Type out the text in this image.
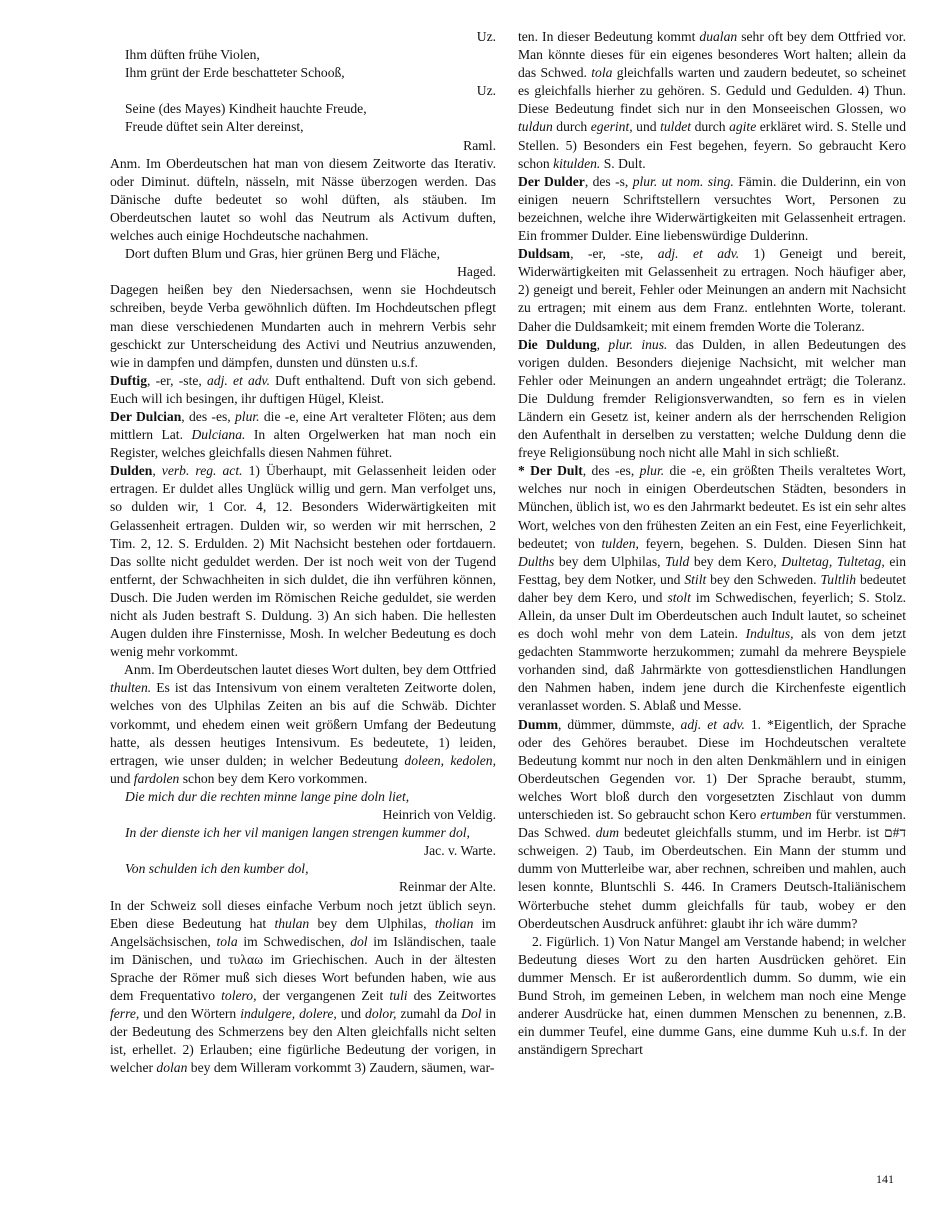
Uz.

Ihm düften frühe Violen,

Ihm grünt der Erde beschatteter Schooß,

Uz.

Seine (des Mayes) Kindheit hauchte Freude,

Freude düftet sein Alter dereinst,

Raml.

Anm. Im Oberdeutschen hat man von diesem Zeitworte das Iterativ. oder Diminut. düfteln, nässeln, mit Nässe überzogen werden. Das Dänische dufte bedeutet so wohl düften, als stäuben. Im Oberdeutschen lautet so wohl das Neutrum als Activum duften, welches auch einige Hochdeutsche nachahmen.

Dort duften Blum und Gras, hier grünen Berg und Fläche,

Haged.

Dagegen heißen bey den Niedersachsen, wenn sie Hochdeutsch schreiben, beyde Verba gewöhnlich düften. Im Hochdeutschen pflegt man diese verschiedenen Mundarten auch in mehrern Verbis sehr geschickt zur Unterscheidung des Activi und Neutrius anzuwenden, wie in dampfen und dämpfen, dunsten und dünsten u.s.f.

Duftig, -er, -ste, adj. et adv. Duft enthaltend. Duft von sich gebend. Euch will ich besingen, ihr duftigen Hügel, Kleist.

Der Dulcian, des -es, plur. die -e, eine Art veralteter Flöten; aus dem mittlern Lat. Dulciana. In alten Orgelwerken hat man noch ein Register, welches gleichfalls diesen Nahmen führet.

Dulden, verb. reg. act. 1) Überhaupt, mit Gelassenheit leiden oder ertragen. Er duldet alles Unglück willig und gern. Man verfolget uns, so dulden wir, 1 Cor. 4, 12. Besonders Widerwärtigkeiten mit Gelassenheit ertragen. Dulden wir, so werden wir mit herrschen, 2 Tim. 2, 12. S. Erdulden. 2) Mit Nachsicht bestehen oder fortdauern. Das sollte nicht geduldet werden. Der ist noch weit von der Tugend entfernt, der Schwachheiten in sich duldet, die ihn verführen können, Dusch. Die Juden werden im Römischen Reiche geduldet, sie werden nicht als Juden bestraft S. Duldung. 3) An sich haben. Die hellesten Augen dulden ihre Finsternisse, Mosh. In welcher Bedeutung es doch wenig mehr vorkommt.

Anm. Im Oberdeutschen lautet dieses Wort dulten, bey dem Ottfried thulten. Es ist das Intensivum von einem veralteten Zeitworte dolen, welches von des Ulphilas Zeiten an bis auf die Schwäb. Dichter vorkommt, und ehedem einen weit größern Umfang der Bedeutung hatte, als dessen heutiges Intensivum. Es bedeutete, 1) leiden, ertragen, wie unser dulden; in welcher Bedeutung doleen, kedolen, und fardolen schon bey dem Kero vorkommen.

Die mich dur die rechten minne lange pine doln liet,

Heinrich von Veldig.

In der dienste ich her vil manigen langen strengen kummer dol,

Jac. v. Warte.

Von schulden ich den kumber dol,

Reinmar der Alte.

In der Schweiz soll dieses einfache Verbum noch jetzt üblich seyn. Eben diese Bedeutung hat thulan bey dem Ulphilas, tholian im Angelsächsischen, tola im Schwedischen, dol im Isländischen, taale im Dänischen, und τυλαω im Griechischen. Auch in der ältesten Sprache der Römer muß sich dieses Wort befunden haben, wie aus dem Frequentativo tolero, der vergangenen Zeit tuli des Zeitwortes ferre, und den Wörtern indulgere, dolere, und dolor, zumahl da Dol in der Bedeutung des Schmerzens bey den Alten gleichfalls nicht selten ist, erhellet. 2) Erlauben; eine figürliche Bedeutung der vorigen, in welcher dolan bey dem Willeram vorkommt 3) Zaudern, säumen, war-

ten. In dieser Bedeutung kommt dualan sehr oft bey dem Ottfried vor. Man könnte dieses für ein eigenes besonderes Wort halten; allein da das Schwed. tola gleichfalls warten und zaudern bedeutet, so scheinet es gleichfalls hierher zu gehören. S. Geduld und Gedulden. 4) Thun. Diese Bedeutung findet sich nur in den Monseeischen Glossen, wo tuldun durch egerint, und tuldet durch agite erkläret wird. S. Stelle und Stellen. 5) Besonders ein Fest begehen, feyern. So gebraucht Kero schon kitulden. S. Dult.

Der Dulder, des -s, plur. ut nom. sing. Fämin. die Dulderinn, ein von einigen neuern Schriftstellern versuchtes Wort, Personen zu bezeichnen, welche ihre Widerwärtigkeiten mit Gelassenheit ertragen. Ein frommer Dulder. Eine liebenswürdige Dulderinn.

Duldsam, -er, -ste, adj. et adv. 1) Geneigt und bereit, Widerwärtigkeiten mit Gelassenheit zu ertragen. Noch häufiger aber, 2) geneigt und bereit, Fehler oder Meinungen an andern mit Nachsicht zu ertragen; mit einem aus dem Franz. entlehnten Worte, tolerant. Daher die Duldsamkeit; mit einem fremden Worte die Toleranz.

Die Duldung, plur. inus. das Dulden, in allen Bedeutungen des vorigen dulden. Besonders diejenige Nachsicht, mit welcher man Fehler oder Meinungen an andern ungeahndet erträgt; die Toleranz. Die Duldung fremder Religionsverwandten, so fern es in vielen Ländern ein Gesetz ist, keiner andern als der herrschenden Religion den Aufenthalt in derselben zu verstatten; welche Duldung denn die freye Religionsübung noch nicht alle Mahl in sich schließt.

* Der Dult, des -es, plur. die -e, ein größten Theils veraltetes Wort, welches nur noch in einigen Oberdeutschen Städten, besonders in München, üblich ist, wo es den Jahrmarkt bedeutet. Es ist ein sehr altes Wort, welches von den frühesten Zeiten an ein Fest, eine Feyerlichkeit, bedeutet; von tulden, feyern, begehen. S. Dulden. Diesen Sinn hat Dulths bey dem Ulphilas, Tuld bey dem Kero, Dultetag, Tultetag, ein Festtag, bey dem Notker, und Stilt bey den Schweden. Tultlih bedeutet daher bey dem Kero, und stolt im Schwedischen, feyerlich; S. Stolz. Allein, da unser Dult im Oberdeutschen auch Indult lautet, so scheinet es doch wohl mehr von dem Latein. Indultus, als von dem jetzt gedachten Stammworte herzukommen; zumahl da mehrere Beyspiele vorhanden sind, daß Jahrmärkte von gottesdienstlichen Handlungen den Nahmen haben, indem jene durch die Kirchenfeste eigentlich veranlasset worden. S. Ablaß und Messe.

Dumm, dümmer, dümmste, adj. et adv. 1. *Eigentlich, der Sprache oder des Gehöres beraubet. Diese im Hochdeutschen veraltete Bedeutung kommt nur noch in den alten Denkmählern und in einigen Oberdeutschen Gegenden vor. 1) Der Sprache beraubt, stumm, welches Wort bloß durch den vorgesetzten Zischlaut von dumm unterschieden ist. So gebraucht schon Kero ertumben für verstummen. Das Schwed. dum bedeutet gleichfalls stumm, und im Herbr. ist ד#ם schweigen. 2) Taub, im Oberdeutschen. Ein Mann der stumm und dumm von Mutterleibe war, aber rechnen, schreiben und mahlen, auch lesen konnte, Bluntschli S. 446. In Cramers Deutsch-Italiänischem Wörterbuche stehet dumm gleichfalls für taub, wobey er den Oberdeutschen Ausdruck anführet: glaubt ihr ich wäre dumm?

2. Figürlich. 1) Von Natur Mangel am Verstande habend; in welcher Bedeutung dieses Wort zu den harten Ausdrücken gehöret. Ein dummer Mensch. Er ist außerordentlich dumm. So dumm, wie ein Bund Stroh, im gemeinen Leben, in welchem man noch eine Menge anderer Ausdrücke hat, einen dummen Menschen zu benennen, z.B. ein dummer Teufel, eine dumme Gans, eine dumme Kuh u.s.f. In der anständigern Sprechart

141
